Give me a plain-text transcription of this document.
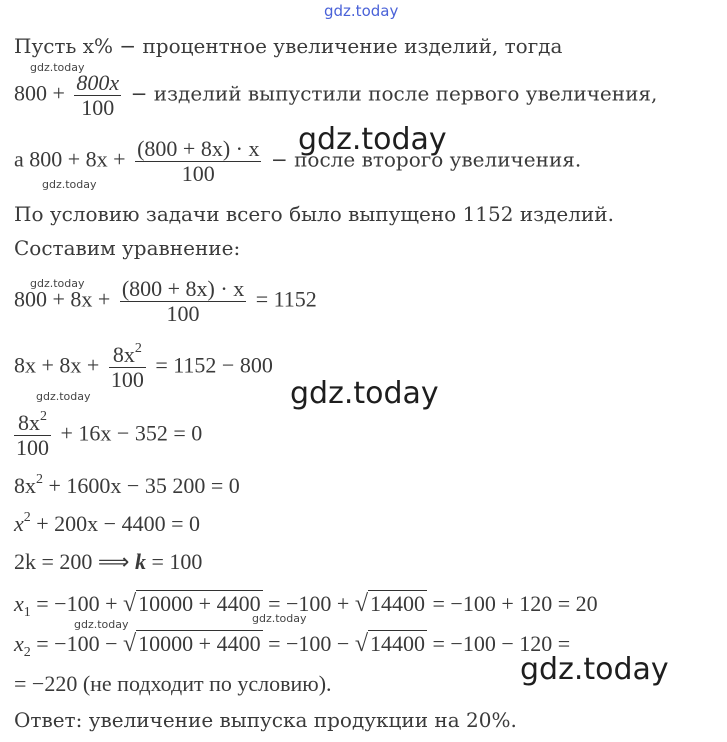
gdz.today
Пусть x% − процентное увеличение изделий, тогда
$800 + \frac{800x}{100}$ − изделий выпустили после первого увеличения,
а $800 + 8x + \frac{(800 + 8x) \cdot x}{100}$ − после второго увеличения.
По условию задачи всего было выпущено 1152 изделий.
Составим уравнение:
$800 + 8x + \frac{(800 + 8x) \cdot x}{100} = 1152$
$8x + 8x + \frac{8x^2}{100} = 1152 - 800$
$\frac{8x^2}{100} + 16x - 352 = 0$
$8x^2 + 1600x - 35$ 200 = 0
$x^2 + 200x - 4400 = 0$
2k = 200 ⟹ k = 100
$x_1 = -100 + √10000 + 4400 = -100 + √14400 = -100 + 120 = 20$
$x_2 = -100 - √10000 + 4400 = -100 - √14400 = -100 - 120$ =
= −220 (не подходит по условию).
Ответ: увеличение выпуска продукции на 20%.
gdz.today
gdz.today
gdz.today
gdz.today
gdz.today
gdz.today
gdz.today	gdz.today
gdz.today
